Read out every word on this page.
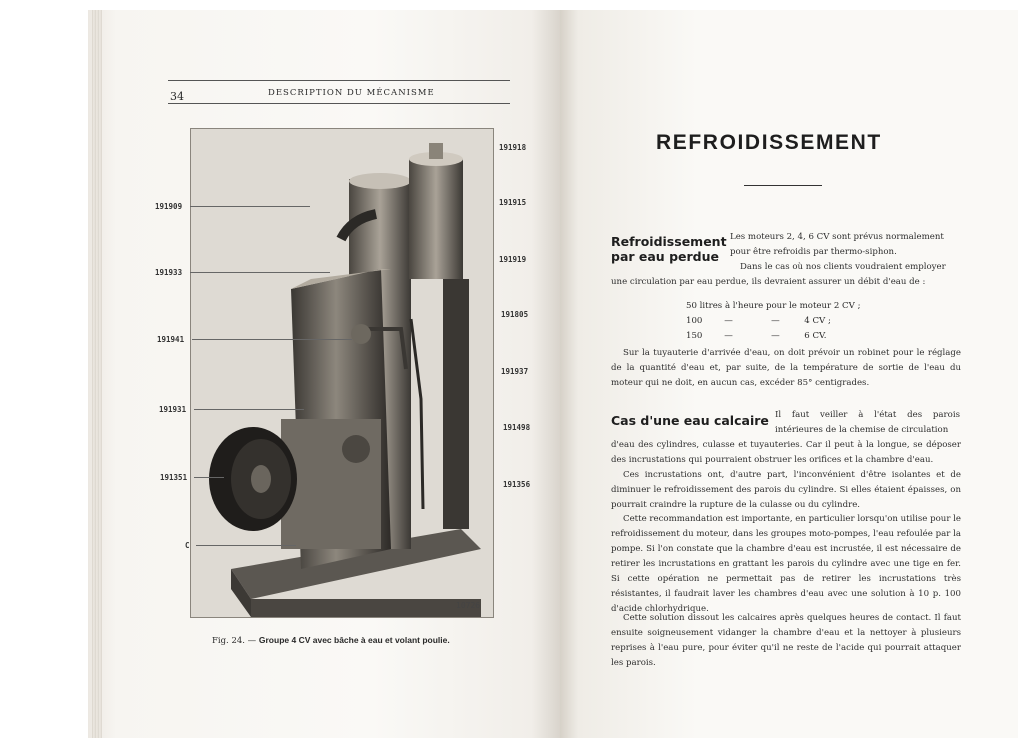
34	DESCRIPTION DU MÉCANISME
191909
191933
191941
191931
191351
C
191918
191915
191919
191805
191937
191498
191356
10726
Fig. 24. — Groupe 4 CV avec bâche à eau et volant poulie.
REFROIDISSEMENT
Refroidissement
par eau perdue
Les moteurs 2, 4, 6 CV sont prévus normalement
pour être refroidis par thermo-siphon.
Dans le cas où nos clients voudraient employer
une circulation par eau perdue, ils devraient assurer un débit d'eau de :
50 litres à l'heure pour le moteur 2 CV ;
100        —              —         4 CV ;
150        —              —         6 CV.
Sur la tuyauterie d'arrivée d'eau, on doit prévoir un robinet pour le réglage de la quantité d'eau et, par suite, de la température de sortie de l'eau du moteur qui ne doit, en aucun cas, excéder 85° centigrades.
Cas d'une eau calcaire Il faut veiller à l'état des parois intérieures de la chemise de circulation
d'eau des cylindres, culasse et tuyauteries. Car il peut à la longue, se déposer des incrustations qui pourraient obstruer les orifices et la chambre d'eau.
Ces incrustations ont, d'autre part, l'inconvénient d'être isolantes et de diminuer le refroidissement des parois du cylindre. Si elles étaient épaisses, on pourrait craindre la rupture de la culasse ou du cylindre.
Cette recommandation est importante, en particulier lorsqu'on utilise pour le refroidissement du moteur, dans les groupes moto-pompes, l'eau refoulée par la pompe. Si l'on constate que la chambre d'eau est incrustée, il est nécessaire de retirer les incrustations en grattant les parois du cylindre avec une tige en fer. Si cette opération ne permettait pas de retirer les incrustations très résistantes, il faudrait laver les chambres d'eau avec une solution à 10 p. 100 d'acide chlorhydrique.
Cette solution dissout les calcaires après quelques heures de contact. Il faut ensuite soigneusement vidanger la chambre d'eau et la nettoyer à plusieurs reprises à l'eau pure, pour éviter qu'il ne reste de l'acide qui pourrait attaquer les parois.
